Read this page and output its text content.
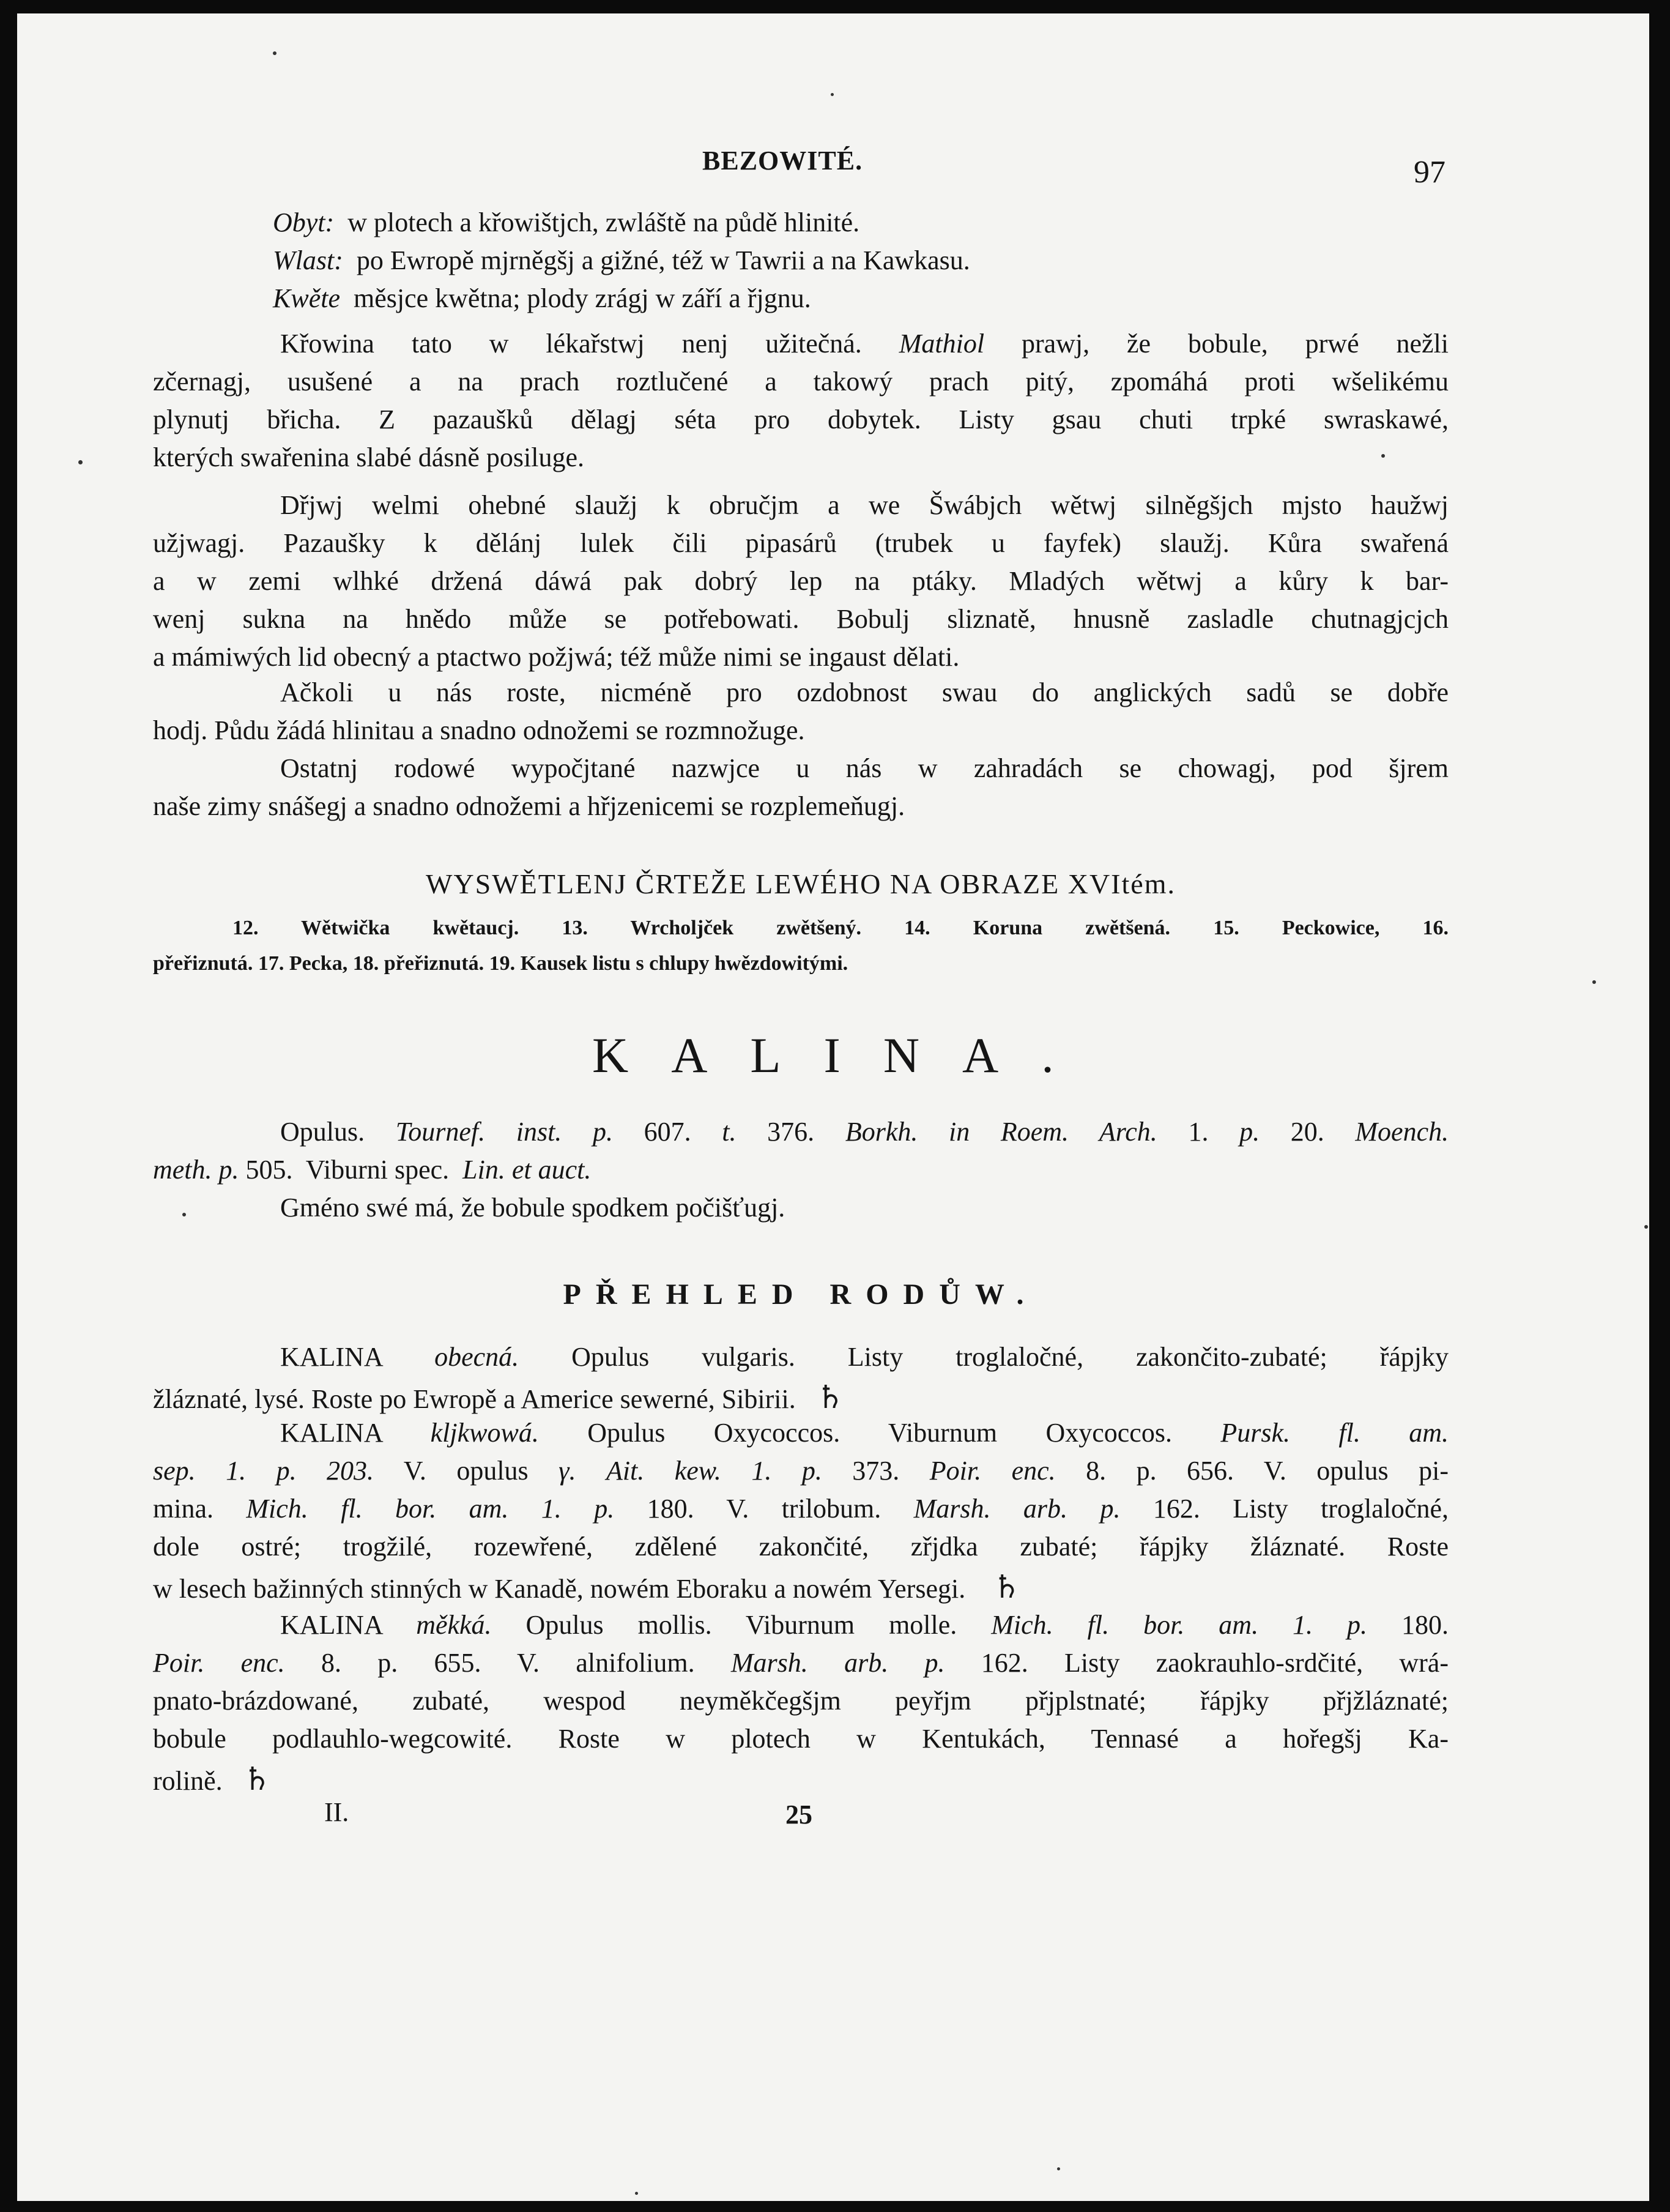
BEZOWITÉ.	97
Obyt: w plotech a křowištjch, zwláště na půdě hlinité.
Wlast: po Ewropě mjrněgšj a gižné, též w Tawrii a na Kawkasu.
Kwěte měsjce kwětna; plody zrágj w září a řjgnu.
Křowina tato w lékařstwj nenj užitečná. Mathiol prawj, že bobule, prwé nežli
zčernagj, usušené a na prach roztlučené a takowý prach pitý, zpomáhá proti wšelikému
plynutj břicha. Z pazaušků dělagj séta pro dobytek. Listy gsau chuti trpké swraskawé,
kterých swařenina slabé dásně posiluge.
Dřjwj welmi ohebné slaužj k obručjm a we Šwábjch wětwj silněgšjch mjsto haužwj
užjwagj. Pazaušky k dělánj lulek čili pipasárů (trubek u fayfek) slaužj. Kůra swařená
a w zemi wlhké držená dáwá pak dobrý lep na ptáky. Mladých wětwj a kůry k bar-
wenj sukna na hnědo může se potřebowati. Bobulj sliznatě, hnusně zasladle chutnagjcjch
a mámiwých lid obecný a ptactwo požjwá; též může nimi se ingaust dělati.
Ačkoli u nás roste, nicméně pro ozdobnost swau do anglických sadů se dobře
hodj. Půdu žádá hlinitau a snadno odnožemi se rozmnožuge.
Ostatnj rodowé wypočjtané nazwjce u nás w zahradách se chowagj, pod šjrem
naše zimy snášegj a snadno odnožemi a hřjzenicemi se rozplemeňugj.
WYSWĚTLENJ ČRTEŽE LEWÉHO NA OBRAZE XVItém.
12. Wětwička kwětaucj. 13. Wrcholjček zwětšený. 14. Koruna zwětšená. 15. Peckowice, 16.
přeřiznutá. 17. Pecka, 18. přeřiznutá. 19. Kausek listu s chlupy hwězdowitými.
KALINA.
Opulus. Tournef. inst. p. 607. t. 376. Borkh. in Roem. Arch. 1. p. 20. Moench.
meth. p. 505. Viburni spec. Lin. et auct.
Gméno swé má, že bobule spodkem počišťugj.
PŘEHLED RODŮW.
KALINA obecná. Opulus vulgaris. Listy troglaločné, zakončito-zubaté; řápjky
žláznaté, lysé. Roste po Ewropě a Americe sewerné, Sibirii. ♄
KALINA kljkwowá. Opulus Oxycoccos. Viburnum Oxycoccos. Pursk. fl. am.
sep. 1. p. 203. V. opulus γ. Ait. kew. 1. p. 373. Poir. enc. 8. p. 656. V. opulus pi-
mina. Mich. fl. bor. am. 1. p. 180. V. trilobum. Marsh. arb. p. 162. Listy troglaločné,
dole ostré; trogžilé, rozewřené, zdělené zakončité, zřjdka zubaté; řápjky žláznaté. Roste
w lesech bažinných stinných w Kanadě, nowém Eboraku a nowém Yersegi. ♄
KALINA měkká. Opulus mollis. Viburnum molle. Mich. fl. bor. am. 1. p. 180.
Poir. enc. 8. p. 655. V. alnifolium. Marsh. arb. p. 162. Listy zaokrauhlo-srdčité, wrá-
pnato-brázdowané, zubaté, wespod neyměkčegšjm peyřjm přjplstnaté; řápjky přjžláznaté;
bobule podlauhlo-wegcowité. Roste w plotech w Kentukách, Tennasé a hořegšj Ka-
rolině. ♄
II.	25
